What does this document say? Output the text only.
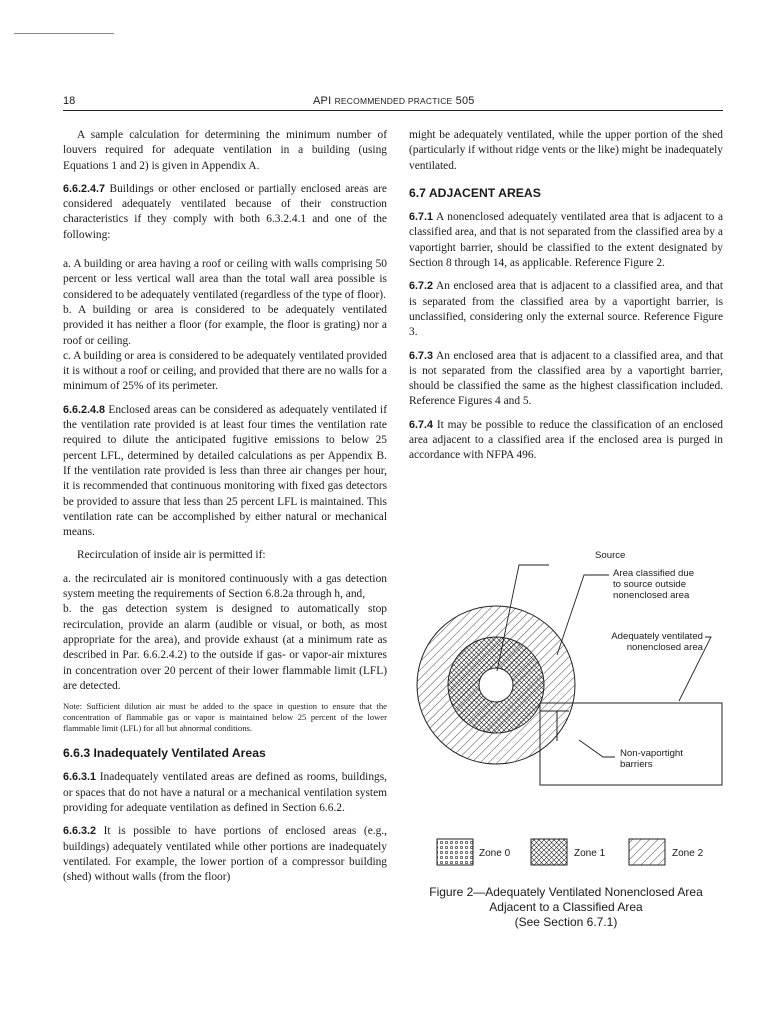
18	API RECOMMENDED PRACTICE 505

A sample calculation for determining the minimum number of louvers required for adequate ventilation in a building (using Equations 1 and 2) is given in Appendix A.

6.6.2.4.7 Buildings or other enclosed or partially enclosed areas are considered adequately ventilated because of their construction characteristics if they comply with both 6.3.2.4.1 and one of the following:

a. A building or area having a roof or ceiling with walls comprising 50 percent or less vertical wall area than the total wall area possible is considered to be adequately ventilated (regardless of the type of floor).

b. A building or area is considered to be adequately ventilated provided it has neither a floor (for example, the floor is grating) nor a roof or ceiling.

c. A building or area is considered to be adequately ventilated provided it is without a roof or ceiling, and provided that there are no walls for a minimum of 25% of its perimeter.

6.6.2.4.8 Enclosed areas can be considered as adequately ventilated if the ventilation rate provided is at least four times the ventilation rate required to dilute the anticipated fugitive emissions to below 25 percent LFL, determined by detailed calculations as per Appendix B. If the ventilation rate provided is less than three air changes per hour, it is recommended that continuous monitoring with fixed gas detectors be provided to assure that less than 25 percent LFL is maintained. This ventilation rate can be accomplished by either natural or mechanical means.

Recirculation of inside air is permitted if:

a. the recirculated air is monitored continuously with a gas detection system meeting the requirements of Section 6.8.2a through h, and,

b. the gas detection system is designed to automatically stop recirculation, provide an alarm (audible or visual, or both, as most appropriate for the area), and provide exhaust (at a minimum rate as described in Par. 6.6.2.4.2) to the outside if gas- or vapor-air mixtures in concentration over 20 percent of their lower flammable limit (LFL) are detected.

Note: Sufficient dilution air must be added to the space in question to ensure that the concentration of flammable gas or vapor is maintained below 25 percent of the lower flammable limit (LFL) for all but abnormal conditions.

6.6.3 Inadequately Ventilated Areas

6.6.3.1 Inadequately ventilated areas are defined as rooms, buildings, or spaces that do not have a natural or a mechanical ventilation system providing for adequate ventilation as defined in Section 6.6.2.

6.6.3.2 It is possible to have portions of enclosed areas (e.g., buildings) adequately ventilated while other portions are inadequately ventilated. For example, the lower portion of a compressor building (shed) without walls (from the floor)

might be adequately ventilated, while the upper portion of the shed (particularly if without ridge vents or the like) might be inadequately ventilated.

6.7 ADJACENT AREAS

6.7.1 A nonenclosed adequately ventilated area that is adjacent to a classified area, and that is not separated from the classified area by a vaportight barrier, should be classified to the extent designated by Section 8 through 14, as applicable. Reference Figure 2.

6.7.2 An enclosed area that is adjacent to a classified area, and that is separated from the classified area by a vaportight barrier, is unclassified, considering only the external source. Reference Figure 3.

6.7.3 An enclosed area that is adjacent to a classified area, and that is not separated from the classified area by a vaportight barrier, should be classified the same as the highest classification included. Reference Figures 4 and 5.

6.7.4 It may be possible to reduce the classification of an enclosed area adjacent to a classified area if the enclosed area is purged in accordance with NFPA 496.

Source
Area classified due
to source outside
nonenclosed area
Adequately ventilated
nonenclosed area
Non-vaportight
barriers
Zone 0	Zone 1	Zone 2
Figure 2—Adequately Ventilated Nonenclosed Area
Adjacent to a Classified Area
(See Section 6.7.1)
